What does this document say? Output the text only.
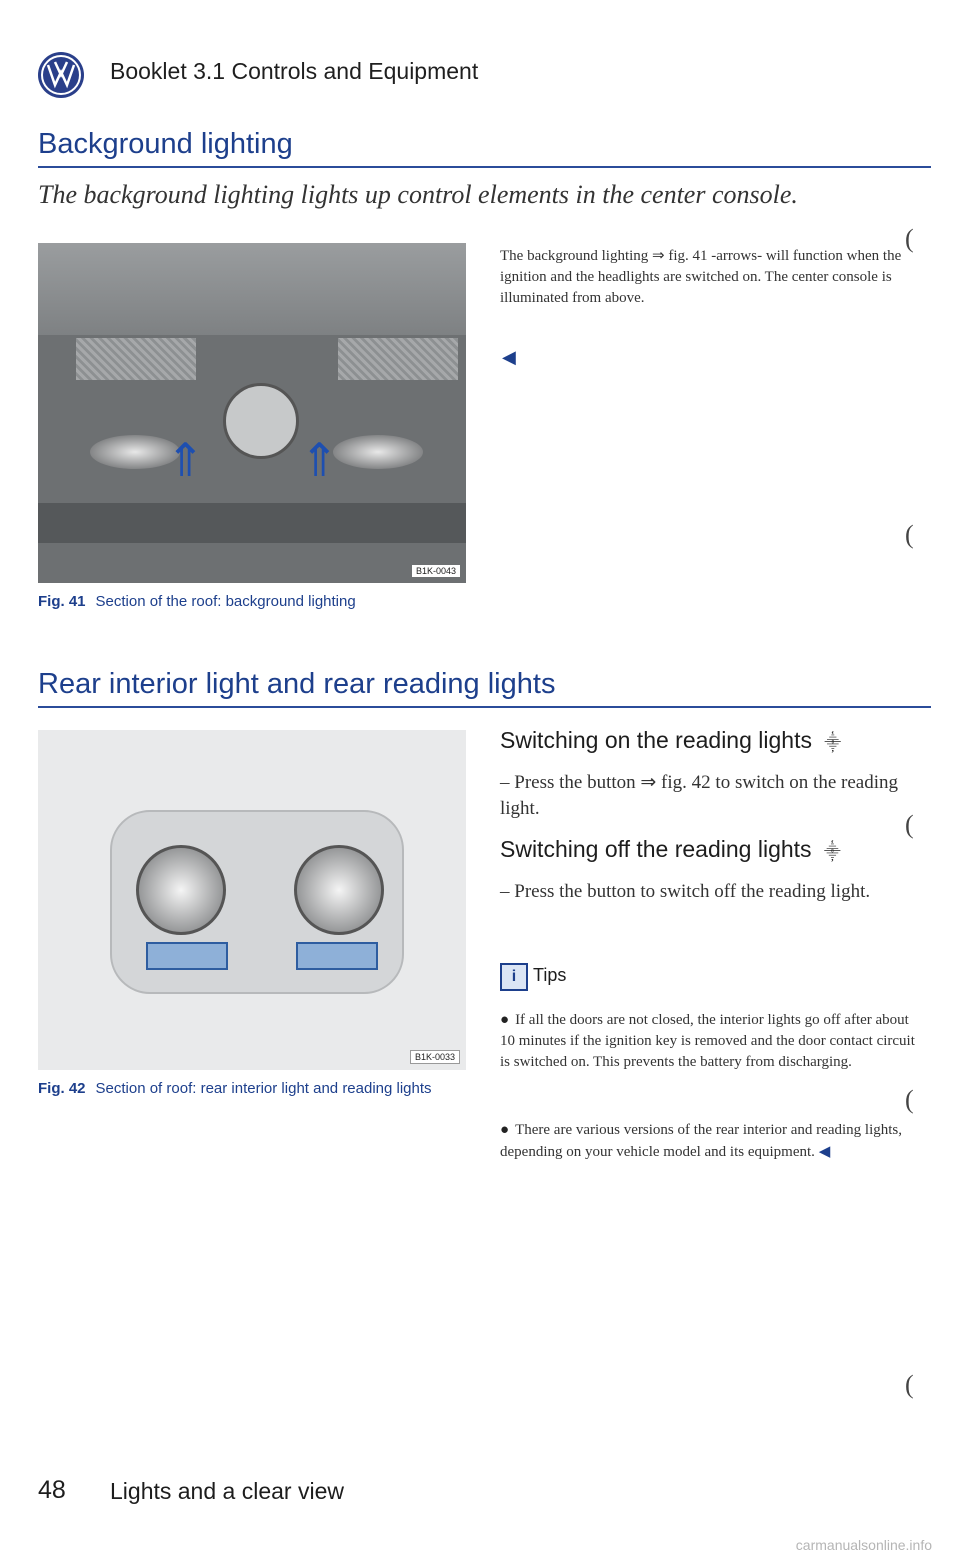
Booklet 3.1 Controls and Equipment
Background lighting
The background lighting lights up control elements in the center console.
⇑ ⇑
B1K-0043
Fig. 41 Section of the roof: background lighting
The background lighting ⇒ fig. 41 -arrows- will function when the ignition and the headlights are switched on. The center console is illuminated from above.
◀
Rear interior light and rear reading lights
B1K-0033
Fig. 42 Section of roof: rear interior light and reading lights
Switching on the reading lights ⸎
– Press the button ⇒ fig. 42 to switch on the reading light.
Switching off the reading lights ⸎
– Press the button to switch off the reading light.
i Tips
● If all the doors are not closed, the interior lights go off after about 10 minutes if the ignition key is removed and the door contact circuit is switched on. This prevents the battery from discharging.
● There are various versions of the rear interior and reading lights, depending on your vehicle model and its equipment. ◀
(
(
(
(
(
48 Lights and a clear view
carmanualsonline.info
